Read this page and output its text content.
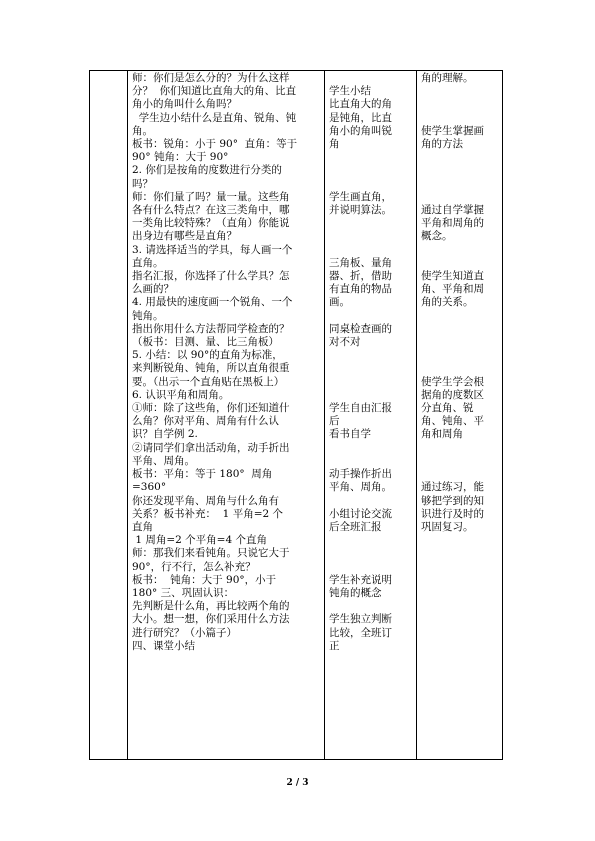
师：你们是怎么分的？为什么这样

分？  你们知道比直角大的角、比直

角小的角叫什么角吗？

学生边小结什么是直角、锐角、钝

角。

板书：锐角：小于 90°  直角：等于

90° 钝角：大于 90°

2. 你们是按角的度数进行分类的

吗？

师：你们量了吗？量一量。这些角

各有什么特点？在这三类角中，哪

一类角比较特殊？（直角）你能说

出身边有哪些是直角？

3. 请选择适当的学具，每人画一个

直角。

指名汇报，你选择了什么学具？怎

么画的？

4. 用最快的速度画一个锐角、一个

钝角。

指出你用什么方法帮同学检查的？

（板书：目测、量、比三角板）

5. 小结：以 90°的直角为标准，

来判断锐角、钝角，所以直角很重

要。（出示一个直角贴在黑板上）

6. 认识平角和周角。

①师：除了这些角，你们还知道什

么角？你对平角、周角有什么认

识？自学例 2.

②请同学们拿出活动角，动手折出

平角、周角。

板书：平角：等于 180°  周角

=360°

你还发现平角、周角与什么角有

关系？板书补充：  1 平角=2 个

直角

1 周角=2 个平角=4 个直角

师：那我们来看钝角。只说它大于

90°，行不行，怎么补充？

板书：  钝角：大于 90°，小于

180° 三、巩固认识：

先判断是什么角，再比较两个角的

大小。想一想，你们采用什么方法

进行研究？（小篇子）

四、课堂小结

学生小结

比直角大的角

是钝角，比直

角小的角叫锐

角

学生画直角，

并说明算法。

三角板、量角

器、折，借助

有直角的物品

画。

同桌检查画的

对不对

学生自由汇报

后

看书自学

动手操作折出

平角、周角。

小组讨论交流

后全班汇报

学生补充说明

钝角的概念

学生独立判断

比较，全班订

正

角的理解。

使学生掌握画

角的方法

通过自学掌握

平角和周角的

概念。

使学生知道直

角、平角和周

角的关系。

使学生学会根

据角的度数区

分直角、锐

角、钝角、平

角和周角

通过练习，能

够把学到的知

识进行及时的

巩固复习。

2 / 3
